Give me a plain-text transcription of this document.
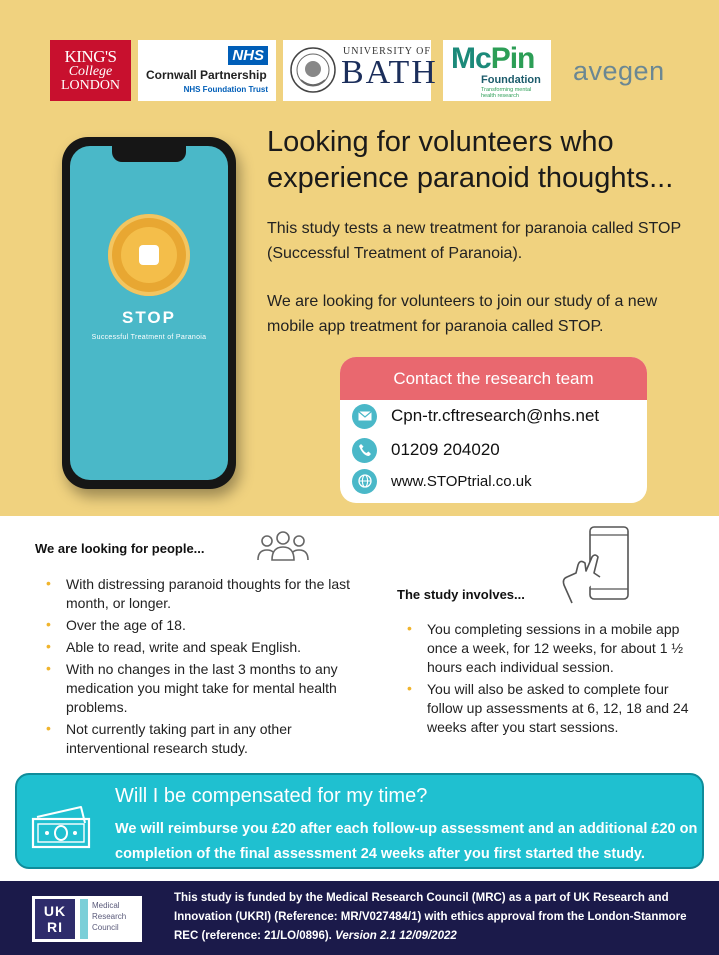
KING'S
College
LONDON
NHS
Cornwall Partnership
NHS Foundation Trust
UNIVERSITY OF
BATH McPin
Foundation
Transforming mental health research
avegen
STOP
Successful Treatment of Paranoia
Looking for volunteers who experience paranoid thoughts...

This study tests a new treatment for paranoia called STOP (Successful Treatment of Paranoia).

We are looking for volunteers to join our study of a new mobile app treatment for paranoia called STOP.

Contact the research team
Cpn-tr.cftresearch@nhs.net
01209 204020
www.STOPtrial.co.uk
We are looking for people...
• With distressing paranoid thoughts for the last month, or longer.
• Over the age of 18.
• Able to read, write and speak English.
• With no changes in the last 3 months to any medication you might take for mental health problems.
• Not currently taking part in any other interventional research study.
The study involves...
• You completing sessions in a mobile app once a week, for 12 weeks, for about 1 ½ hours each individual session.
• You will also be asked to complete four follow up assessments at 6, 12, 18 and 24 weeks after you start sessions.
Will I be compensated for my time?
We will reimburse you £20 after each follow-up assessment and an additional £20 on completion of the final assessment 24 weeks after you first started the study.
UK RI
Medical Research Council
This study is funded by the Medical Research Council (MRC) as a part of UK Research and Innovation (UKRI) (Reference: MR/V027484/1) with ethics approval from the London-Stanmore REC (reference: 21/LO/0896). Version 2.1 12/09/2022
